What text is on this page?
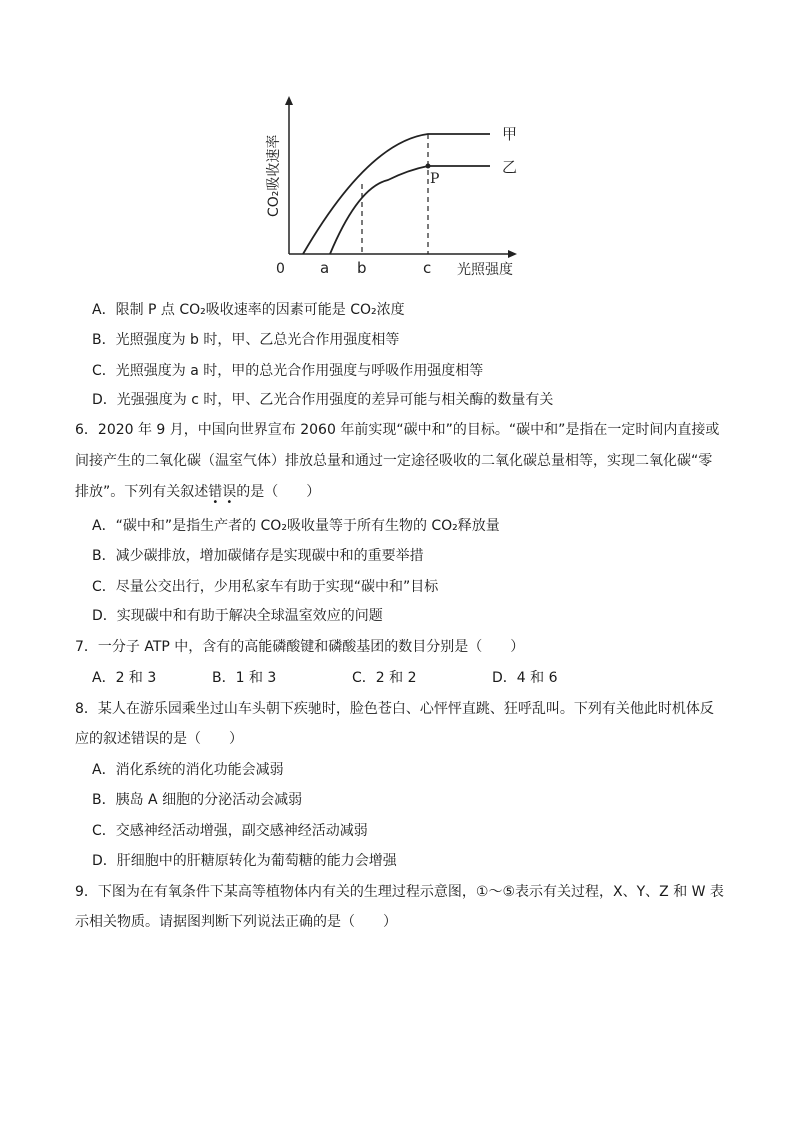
甲
乙
P
0 a b	c 光照强度
CO₂吸收速率
A．限制 P 点 CO₂吸收速率的因素可能是 CO₂浓度
B．光照强度为 b 时，甲、乙总光合作用强度相等
C．光照强度为 a 时，甲的总光合作用强度与呼吸作用强度相等
D．光强强度为 c 时，甲、乙光合作用强度的差异可能与相关酶的数量有关
6．2020 年 9 月，中国向世界宣布 2060 年前实现“碳中和”的目标。“碳中和”是指在一定时间内直接或
间接产生的二氧化碳（温室气体）排放总量和通过一定途径吸收的二氧化碳总量相等，实现二氧化碳“零
排放”。下列有关叙述错
•
误
•
的是（　　）
A．“碳中和”是指生产者的 CO₂吸收量等于所有生物的 CO₂释放量
B．减少碳排放，增加碳储存是实现碳中和的重要举措
C．尽量公交出行，少用私家车有助于实现“碳中和”目标
D．实现碳中和有助于解决全球温室效应的问题
7．一分子 ATP 中，含有的高能磷酸键和磷酸基团的数目分别是（　　）
A．2 和 3	B．1 和 3	C．2 和 2	D．4 和 6
8．某人在游乐园乘坐过山车头朝下疾驰时，脸色苍白、心怦怦直跳、狂呼乱叫。下列有关他此时机体反
应的叙述错误的是（　　）
A．消化系统的消化功能会减弱
B．胰岛 A 细胞的分泌活动会减弱
C．交感神经活动增强，副交感神经活动减弱
D．肝细胞中的肝糖原转化为葡萄糖的能力会增强
9．下图为在有氧条件下某高等植物体内有关的生理过程示意图，①～⑤表示有关过程，X、Y、Z 和 W 表
示相关物质。请据图判断下列说法正确的是（　　）
